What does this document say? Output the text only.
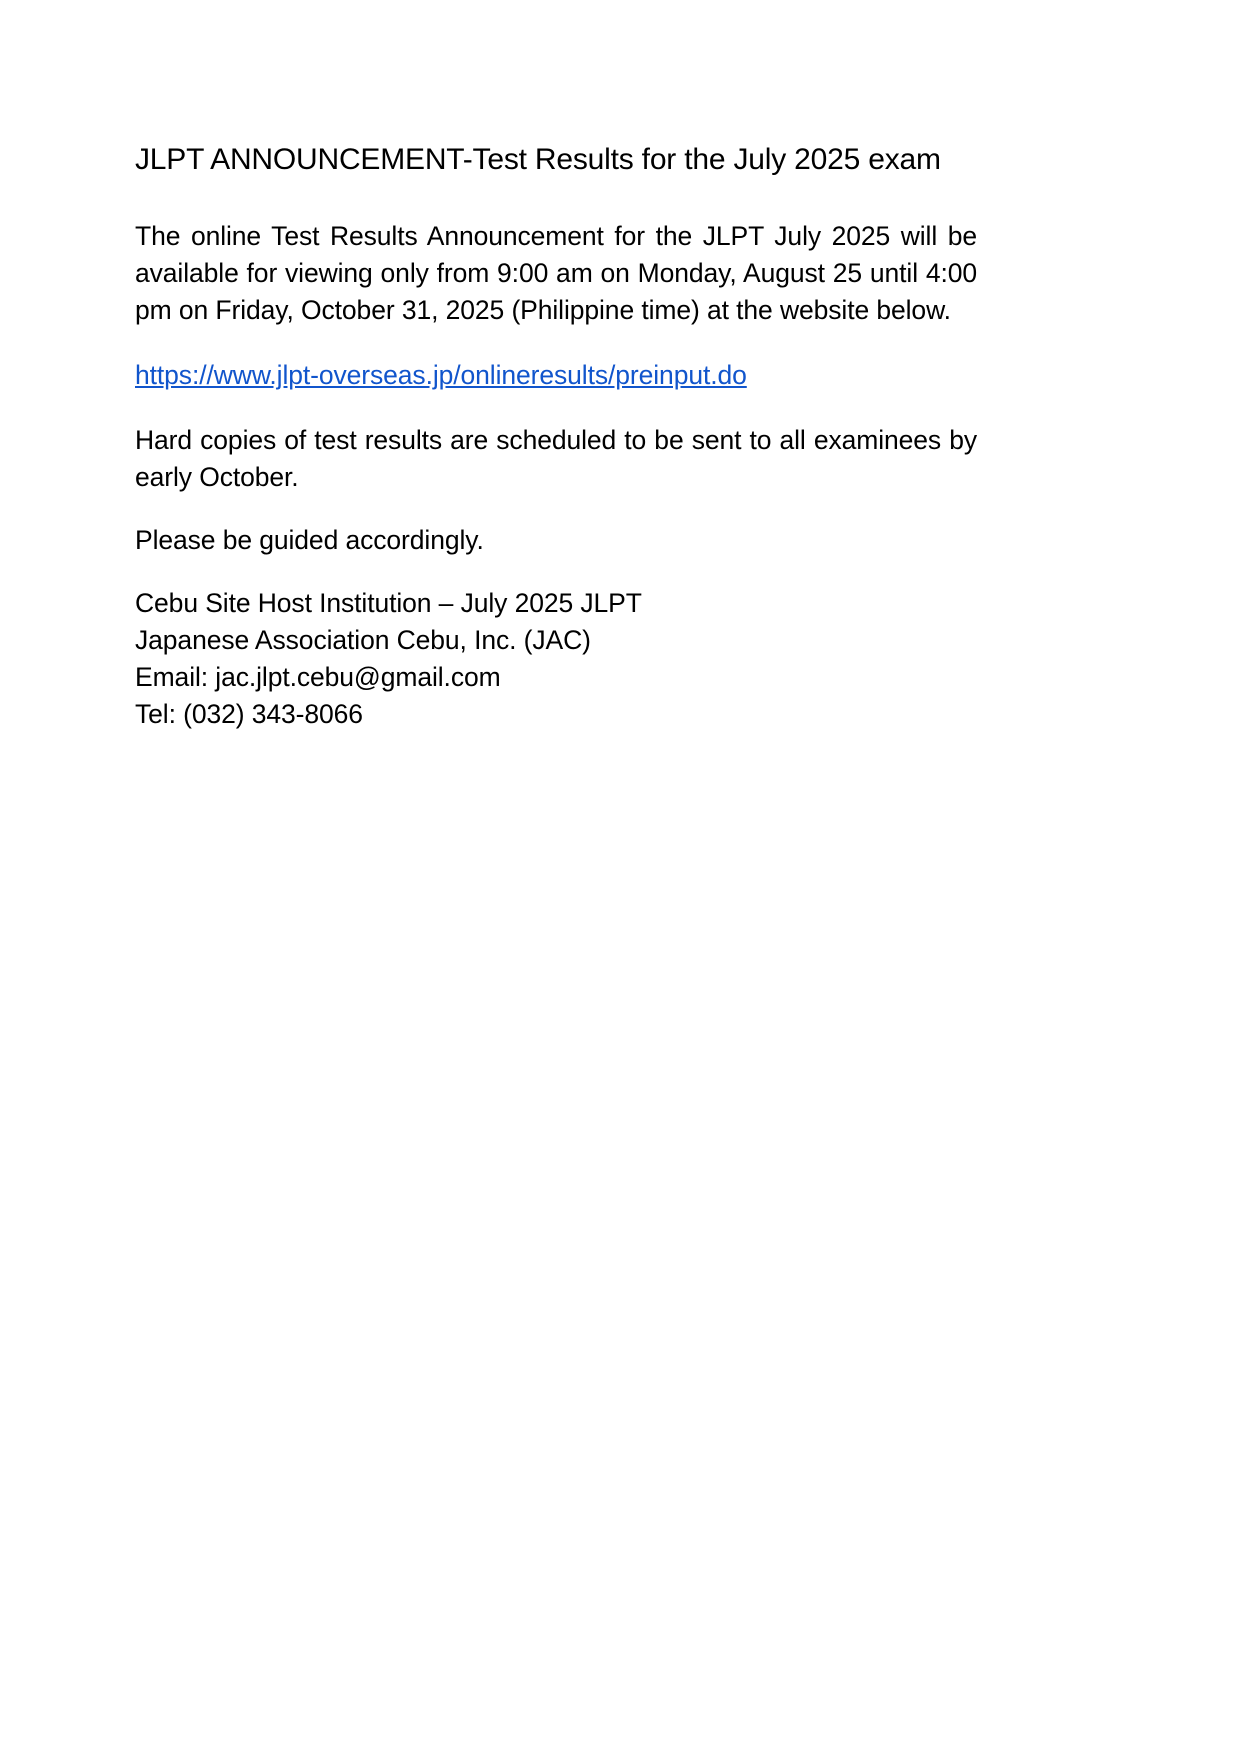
JLPT ANNOUNCEMENT-Test Results for the July 2025 exam

The online Test Results Announcement for the JLPT July 2025 will be available for viewing only from 9:00 am on Monday, August 25 until 4:00 pm on Friday, October 31, 2025 (Philippine time) at the website below.

https://www.jlpt-overseas.jp/onlineresults/preinput.do

Hard copies of test results are scheduled to be sent to all examinees by early October.

Please be guided accordingly.

Cebu Site Host Institution – July 2025 JLPT
Japanese Association Cebu, Inc. (JAC)
Email: jac.jlpt.cebu@gmail.com
Tel: (032) 343-8066
